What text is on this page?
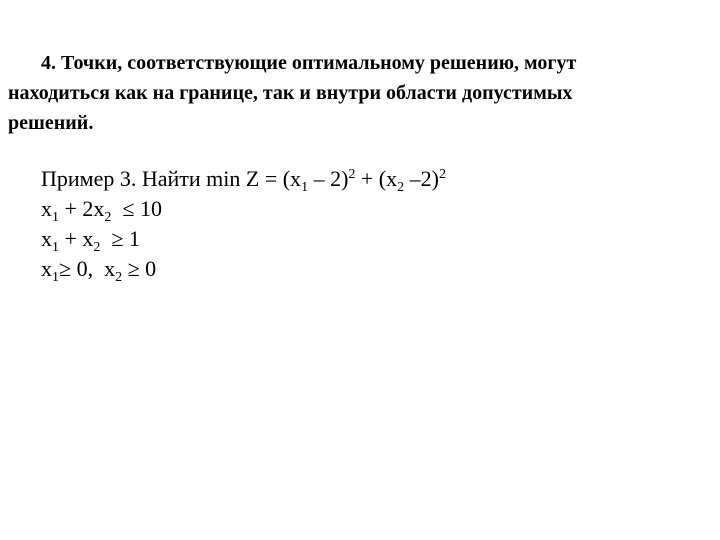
4. Точки, соответствующие оптимальному решению, могут
находиться как на границе, так и внутри области допустимых
решений.
Пример 3. Найти $\min Z = (x_1 - 2)^2 + (x_2$ –2)$^2$
$x_1 + 2x_2 \le 10$
$x_1 + x_2 \ge 1$
$x_1\ge 0$,  $x_2 \ge 0$
